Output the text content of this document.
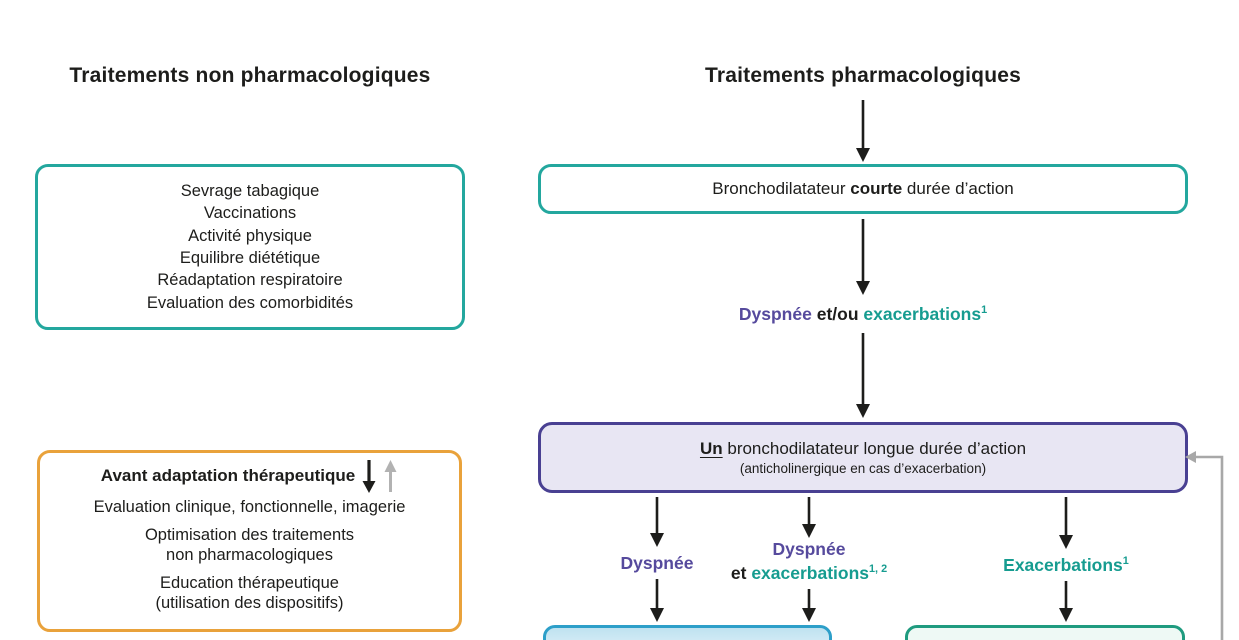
Traitements non pharmacologiques	Traitements pharmacologiques
Sevrage tabagique
Vaccinations
Activité physique
Equilibre diététique
Réadaptation respiratoire
Evaluation des comorbidités
Avant adaptation thérapeutique

Evaluation clinique, fonctionnelle, imagerie

Optimisation des traitements

non pharmacologiques

Education thérapeutique

(utilisation des dispositifs)

Bronchodilatateur courte durée d’action
Dyspnée et/ou exacerbations$^1$
Un bronchodilatateur longue durée d’action
(anticholinergique en cas d’exacerbation)
Dyspnée
Dyspnée
et exacerbations$^{1, 2}$	Exacerbations$^1$
